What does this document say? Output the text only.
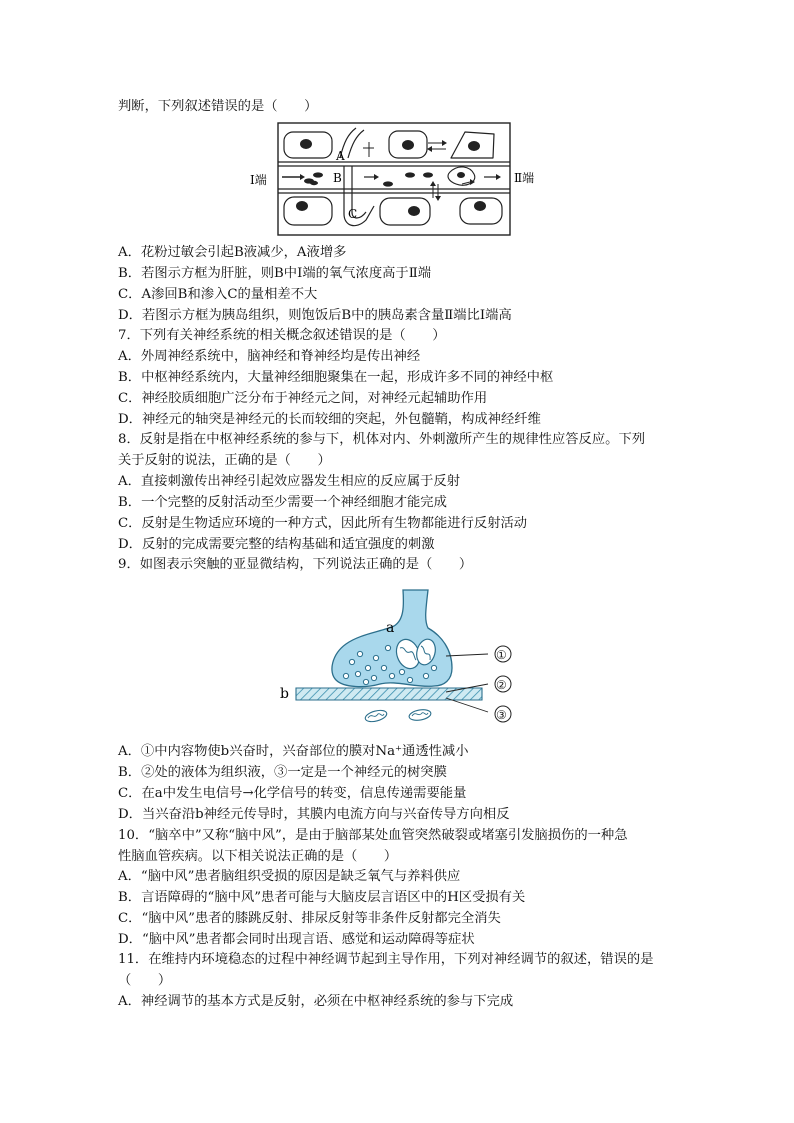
判断，下列叙述错误的是（　　）

A
B
C
Ⅰ端	Ⅱ端

A．花粉过敏会引起B液减少，A液增多

B．若图示方框为肝脏，则B中Ⅰ端的氧气浓度高于Ⅱ端

C．A渗回B和渗入C的量相差不大

D．若图示方框为胰岛组织，则饱饭后B中的胰岛素含量Ⅱ端比Ⅰ端高

7．下列有关神经系统的相关概念叙述错误的是（　　）

A．外周神经系统中，脑神经和脊神经均是传出神经

B．中枢神经系统内，大量神经细胞聚集在一起，形成许多不同的神经中枢

C．神经胶质细胞广泛分布于神经元之间，对神经元起辅助作用

D．神经元的轴突是神经元的长而较细的突起，外包髓鞘，构成神经纤维

8．反射是指在中枢神经系统的参与下，机体对内、外刺激所产生的规律性应答反应。下列

关于反射的说法，正确的是（　　）

A．直接刺激传出神经引起效应器发生相应的反应属于反射

B．一个完整的反射活动至少需要一个神经细胞才能完成

C．反射是生物适应环境的一种方式，因此所有生物都能进行反射活动

D．反射的完成需要完整的结构基础和适宜强度的刺激

9．如图表示突触的亚显微结构，下列说法正确的是（　　）

a
b
①
②
③

A．①中内容物使b兴奋时，兴奋部位的膜对Na⁺通透性减小

B．②处的液体为组织液，③一定是一个神经元的树突膜

C．在a中发生电信号→化学信号的转变，信息传递需要能量

D．当兴奋沿b神经元传导时，其膜内电流方向与兴奋传导方向相反

10．“脑卒中”又称“脑中风”，是由于脑部某处血管突然破裂或堵塞引发脑损伤的一种急

性脑血管疾病。以下相关说法正确的是（　　）

A．“脑中风”患者脑组织受损的原因是缺乏氧气与养料供应

B．言语障碍的“脑中风”患者可能与大脑皮层言语区中的H区受损有关

C．“脑中风”患者的膝跳反射、排尿反射等非条件反射都完全消失

D．“脑中风”患者都会同时出现言语、感觉和运动障碍等症状

11．在维持内环境稳态的过程中神经调节起到主导作用，下列对神经调节的叙述，错误的是

（　　）

A．神经调节的基本方式是反射，必须在中枢神经系统的参与下完成
